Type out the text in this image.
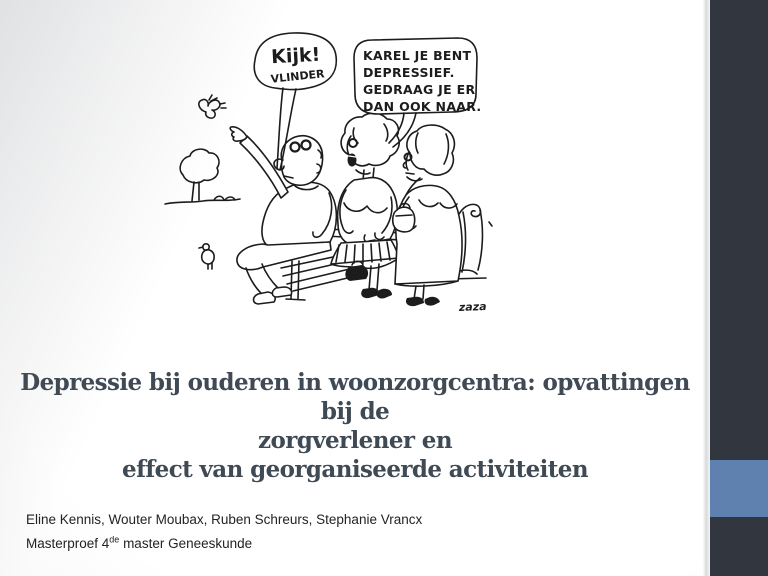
Kijk!
VLINDER
KAREL JE BENT
DEPRESSIEF.
GEDRAAG JE ER
DAN OOK NAAR.
zaza
Depressie bij ouderen in woonzorgcentra: opvattingen bij de
zorgverlener en
effect van georganiseerde activiteiten
Eline Kennis, Wouter Moubax, Ruben Schreurs, Stephanie Vrancx
Masterproef 4de master Geneeskunde
